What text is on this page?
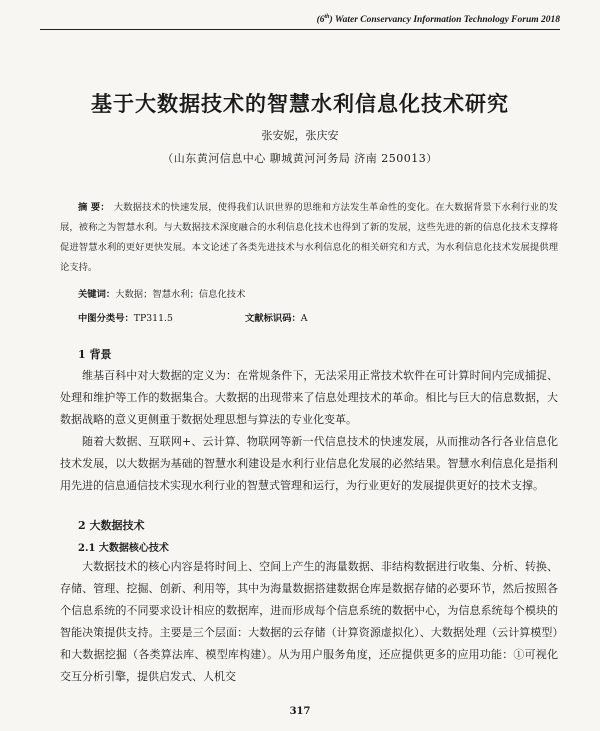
(6th) Water Conservancy Information Technology Forum 2018
基于大数据技术的智慧水利信息化技术研究
张安妮，张庆安
（山东黄河信息中心 聊城黄河河务局 济南 250013）
摘 要： 大数据技术的快速发展，使得我们认识世界的思维和方法发生革命性的变化。在大数据背景下水利行业的发展，被称之为智慧水利。与大数据技术深度融合的水利信息化技术也得到了新的发展，这些先进的新的信息化技术支撑将促进智慧水利的更好更快发展。本文论述了各类先进技术与水利信息化的相关研究和方式，为水利信息化技术发展提供理论支持。
关键词：大数据；智慧水利；信息化技术
中图分类号：TP311.5	文献标识码：A
1 背景
维基百科中对大数据的定义为：在常规条件下，无法采用正常技术软件在可计算时间内完成捕捉、处理和维护等工作的数据集合。大数据的出现带来了信息处理技术的革命。相比与巨大的信息数据，大数据战略的意义更侧重于数据处理思想与算法的专业化变革。
随着大数据、互联网+、云计算、物联网等新一代信息技术的快速发展，从而推动各行各业信息化技术发展，以大数据为基础的智慧水利建设是水利行业信息化发展的必然结果。智慧水利信息化是指利用先进的信息通信技术实现水利行业的智慧式管理和运行，为行业更好的发展提供更好的技术支撑。
2 大数据技术
2.1 大数据核心技术
大数据技术的核心内容是将时间上、空间上产生的海量数据、非结构数据进行收集、分析、转换、存储、管理、挖掘、创新、利用等，其中为海量数据搭建数据仓库是数据存储的必要环节，然后按照各个信息系统的不同要求设计相应的数据库，进而形成每个信息系统的数据中心，为信息系统每个模块的智能决策提供支持。主要是三个层面：大数据的云存储（计算资源虚拟化）、大数据处理（云计算模型）和大数据挖掘（各类算法库、模型库构建）。从为用户服务角度，还应提供更多的应用功能：①可视化交互分析引擎，提供启发式、人机交
317
